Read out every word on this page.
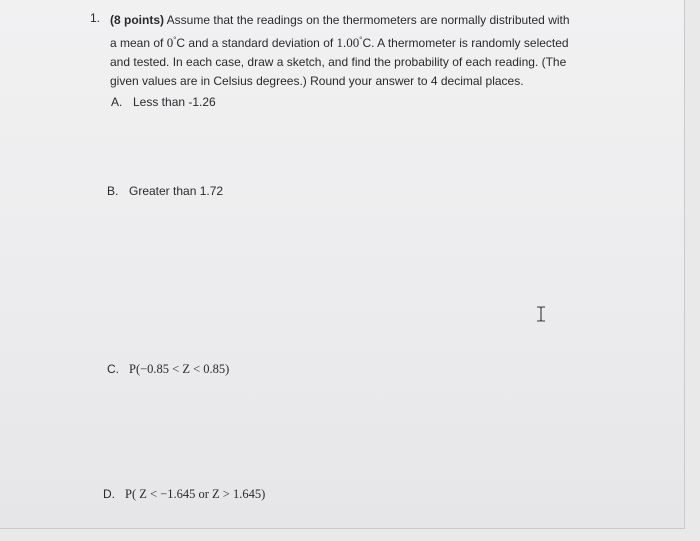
1. (8 points) Assume that the readings on the thermometers are normally distributed with
a mean of 0°C and a standard deviation of 1.00°C. A thermometer is randomly selected
and tested. In each case, draw a sketch, and find the probability of each reading. (The
given values are in Celsius degrees.) Round your answer to 4 decimal places.
A. Less than -1.26
B. Greater than 1.72
C. P(−0.85 < Z < 0.85)
D. P( Z < −1.645 or Z > 1.645)
